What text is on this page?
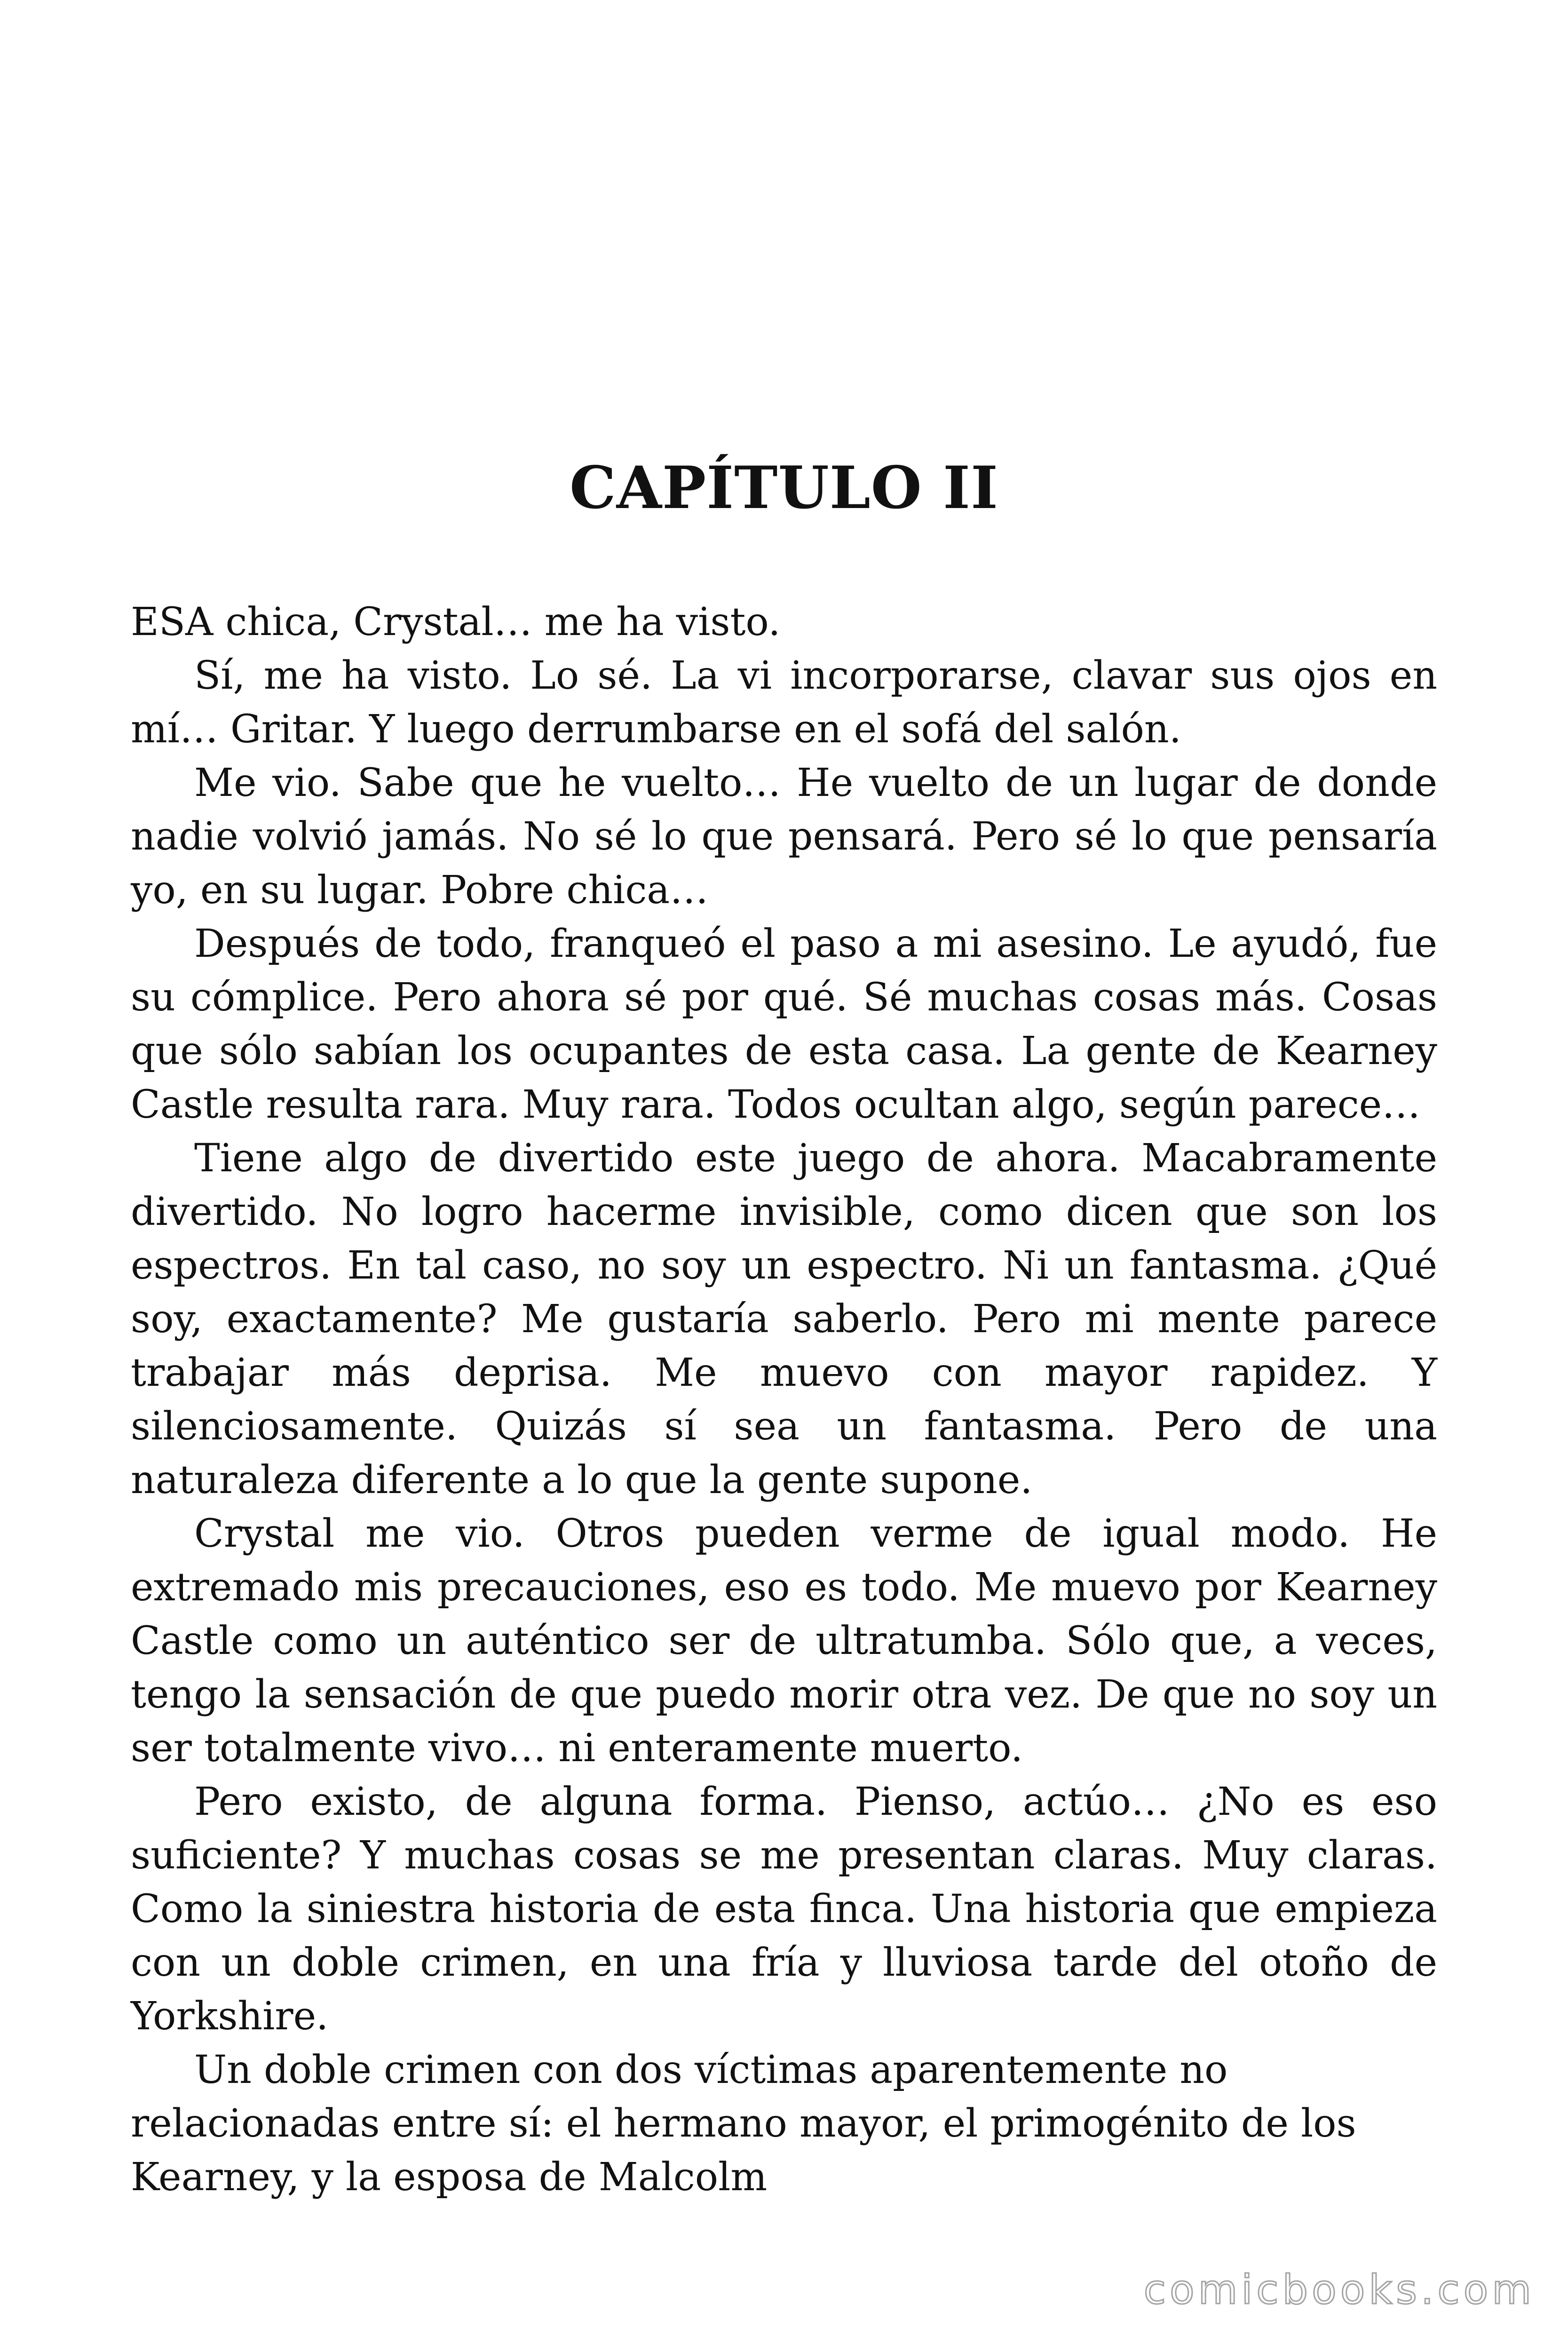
CAPÍTULO II

ESA chica, Crystal… me ha visto.

Sí, me ha visto. Lo sé. La vi incorporarse, clavar sus ojos en mí… Gritar. Y luego derrumbarse en el sofá del salón.

Me vio. Sabe que he vuelto… He vuelto de un lugar de donde nadie volvió jamás. No sé lo que pensará. Pero sé lo que pensaría yo, en su lugar. Pobre chica…

Después de todo, franqueó el paso a mi asesino. Le ayudó, fue su cómplice. Pero ahora sé por qué. Sé muchas cosas más. Cosas que sólo sabían los ocupantes de esta casa. La gente de Kearney Castle resulta rara. Muy rara. Todos ocultan algo, según parece…

Tiene algo de divertido este juego de ahora. Macabramente divertido. No logro hacerme invisible, como dicen que son los espectros. En tal caso, no soy un espectro. Ni un fantasma. ¿Qué soy, exactamente? Me gustaría saberlo. Pero mi mente parece trabajar más deprisa. Me muevo con mayor rapidez. Y silenciosamente. Quizás sí sea un fantasma. Pero de una naturaleza diferente a lo que la gente supone.

Crystal me vio. Otros pueden verme de igual modo. He extremado mis precauciones, eso es todo. Me muevo por Kearney Castle como un auténtico ser de ultratumba. Sólo que, a veces, tengo la sensación de que puedo morir otra vez. De que no soy un ser totalmente vivo… ni enteramente muerto.

Pero existo, de alguna forma. Pienso, actúo… ¿No es eso suficiente? Y muchas cosas se me presentan claras. Muy claras. Como la siniestra historia de esta finca. Una historia que empieza con un doble crimen, en una fría y lluviosa tarde del otoño de Yorkshire.

Un doble crimen con dos víctimas aparentemente no relacionadas entre sí: el hermano mayor, el primogénito de los Kearney, y la esposa de Malcolm

comicbooks.com
